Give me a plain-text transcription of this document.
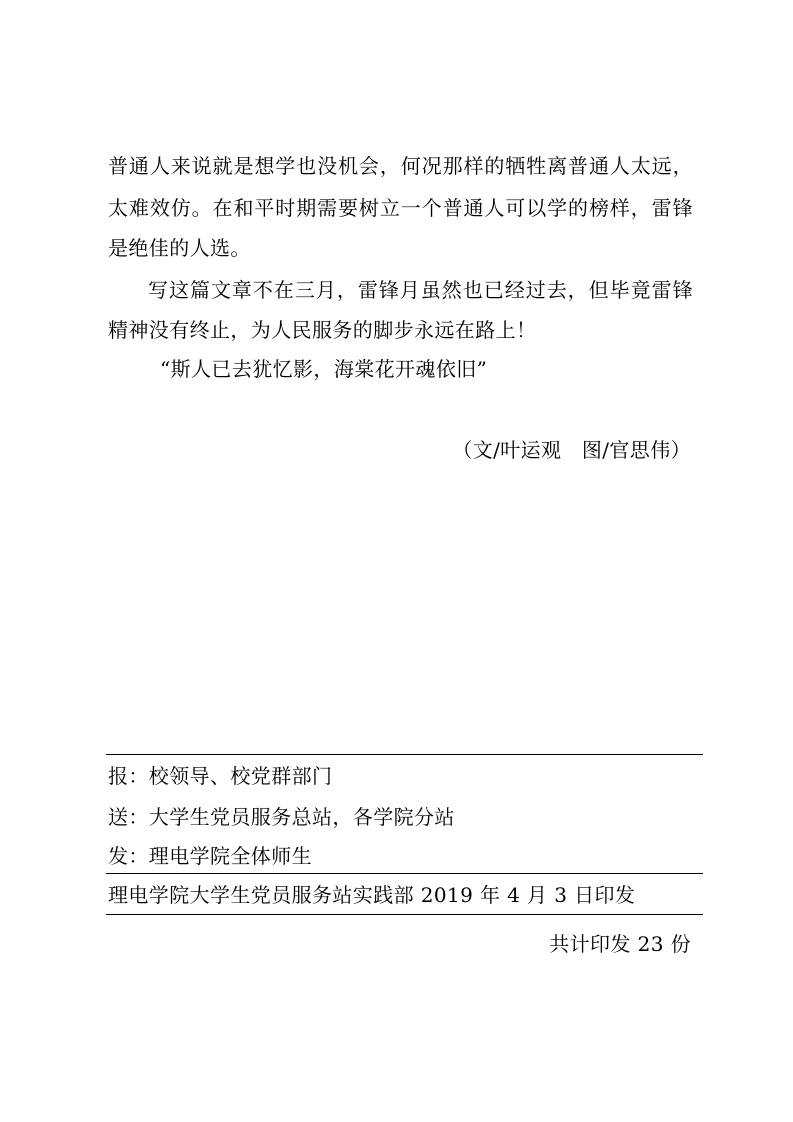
普通人来说就是想学也没机会，何况那样的牺牲离普通人太远，
太难效仿。在和平时期需要树立一个普通人可以学的榜样，雷锋
是绝佳的人选。
写这篇文章不在三月，雷锋月虽然也已经过去，但毕竟雷锋
精神没有终止，为人民服务的脚步永远在路上！
“斯人已去犹忆影，海棠花开魂依旧”
（文/叶运观　图/官思伟）
报：校领导、校党群部门
送：大学生党员服务总站，各学院分站
发：理电学院全体师生
理电学院大学生党员服务站实践部 2019 年 4 月 3 日印发
共计印发 23 份
